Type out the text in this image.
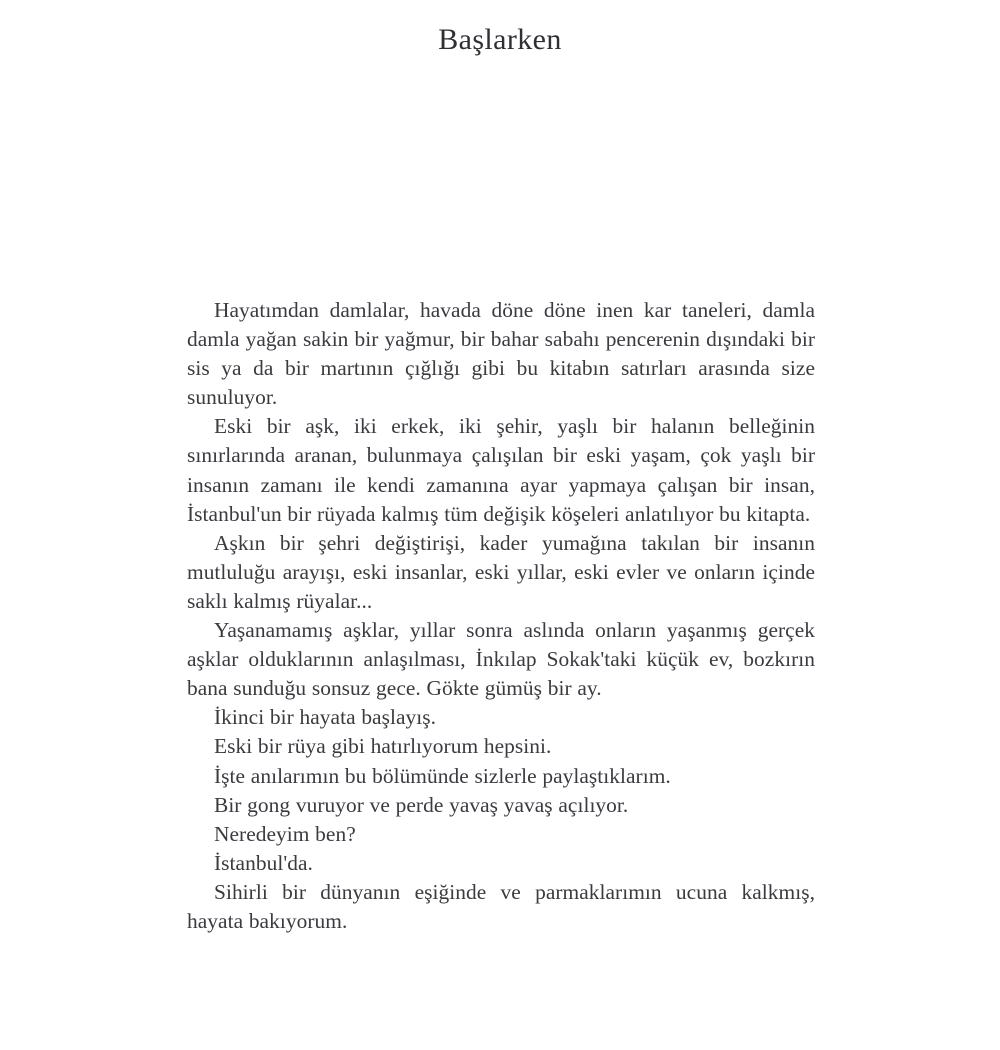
Başlarken

Hayatımdan damlalar, havada döne döne inen kar taneleri, damla damla yağan sakin bir yağmur, bir bahar sabahı pencerenin dışındaki bir sis ya da bir martının çığlığı gibi bu kitabın satırları arasında size sunuluyor.

Eski bir aşk, iki erkek, iki şehir, yaşlı bir halanın belleğinin sınırlarında aranan, bulunmaya çalışılan bir eski yaşam, çok yaşlı bir insanın zamanı ile kendi zamanına ayar yapmaya çalışan bir insan, İstanbul'un bir rüyada kalmış tüm değişik köşeleri anlatılıyor bu kitapta.

Aşkın bir şehri değiştirişi, kader yumağına takılan bir insanın mutluluğu arayışı, eski insanlar, eski yıllar, eski evler ve onların içinde saklı kalmış rüyalar...

Yaşanamamış aşklar, yıllar sonra aslında onların yaşanmış gerçek aşklar olduklarının anlaşılması, İnkılap Sokak'taki küçük ev, bozkırın bana sunduğu sonsuz gece. Gökte gümüş bir ay.

İkinci bir hayata başlayış.

Eski bir rüya gibi hatırlıyorum hepsini.

İşte anılarımın bu bölümünde sizlerle paylaştıklarım.

Bir gong vuruyor ve perde yavaş yavaş açılıyor.

Neredeyim ben?

İstanbul'da.

Sihirli bir dünyanın eşiğinde ve parmaklarımın ucuna kalkmış, hayata bakıyorum.
